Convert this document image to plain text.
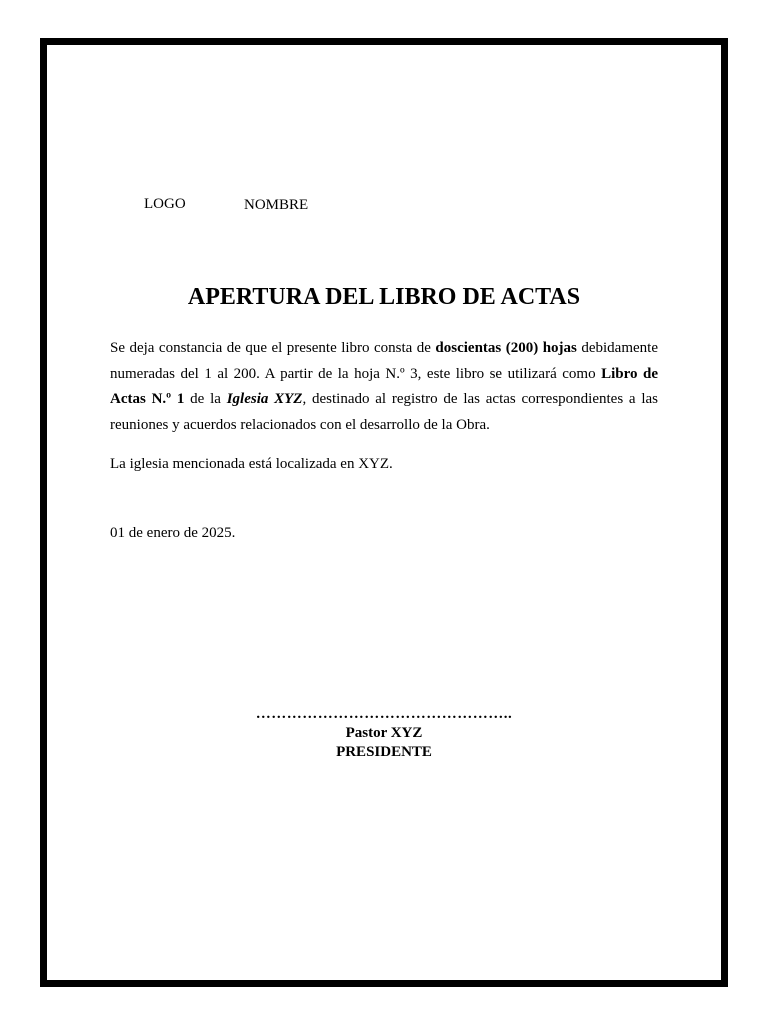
LOGO	NOMBRE
APERTURA DEL LIBRO DE ACTAS

Se deja constancia de que el presente libro consta de doscientas (200) hojas debidamente numeradas del 1 al 200. A partir de la hoja N.º 3, este libro se utilizará como Libro de Actas N.º 1 de la Iglesia XYZ, destinado al registro de las actas correspondientes a las reuniones y acuerdos relacionados con el desarrollo de la Obra.

La iglesia mencionada está localizada en XYZ.

01 de enero de 2025.

…………………………………………..
Pastor XYZ
PRESIDENTE
